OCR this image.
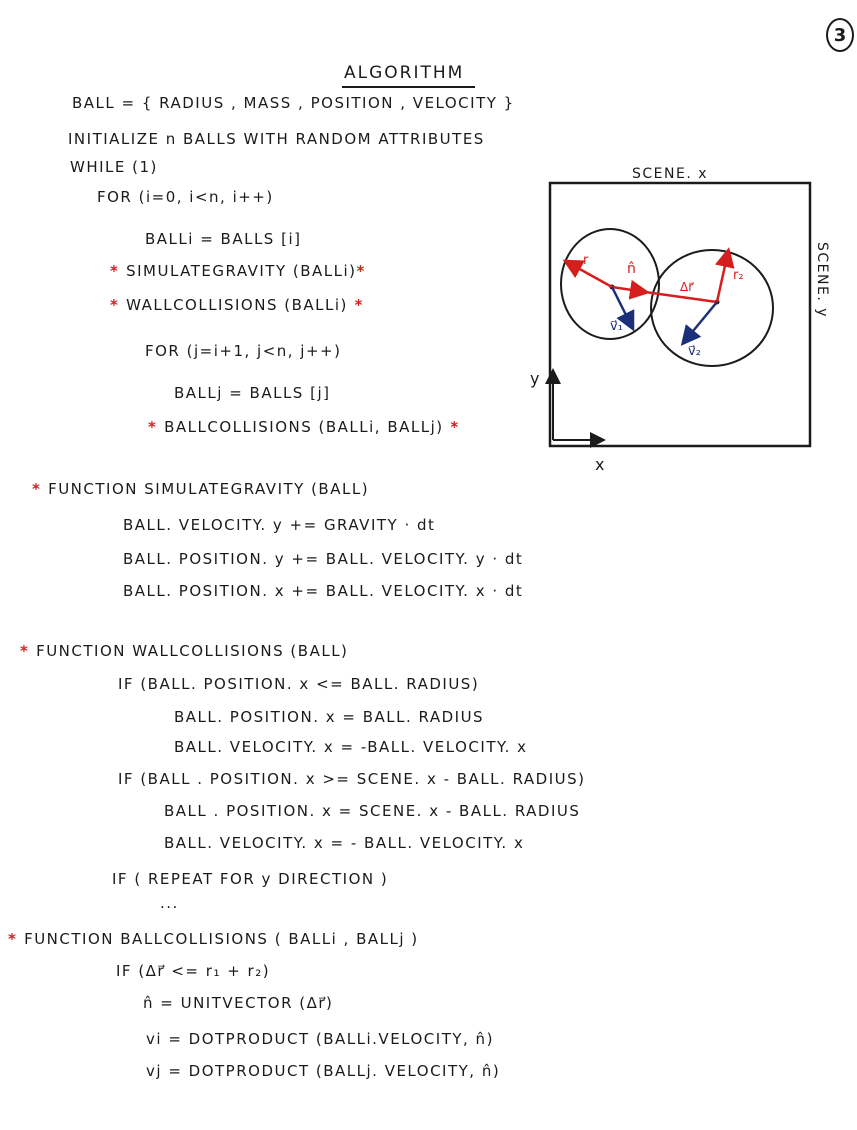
3
ALGORITHM
BALL = { RADIUS , MASS , POSITION , VELOCITY }
INITIALIZE n BALLS WITH RANDOM ATTRIBUTES
WHILE (1)
FOR (i=0, i<n, i++)
BALLi = BALLS [i]
* SIMULATEGRAVITY (BALLi)*
* WALLCOLLISIONS (BALLi) *
FOR (j=i+1, j<n, j++)
BALLj = BALLS [j]
* BALLCOLLISIONS (BALLi, BALLj) *
* FUNCTION SIMULATEGRAVITY (BALL)
BALL. VELOCITY. y += GRAVITY · dt
BALL. POSITION. y += BALL. VELOCITY. y · dt
BALL. POSITION. x += BALL. VELOCITY. x · dt
* FUNCTION WALLCOLLISIONS (BALL)
IF (BALL. POSITION. x <= BALL. RADIUS)
BALL. POSITION. x = BALL. RADIUS
BALL. VELOCITY. x = -BALL. VELOCITY. x
IF (BALL . POSITION. x >= SCENE. x - BALL. RADIUS)
BALL . POSITION. x = SCENE. x - BALL. RADIUS
BALL. VELOCITY. x = - BALL. VELOCITY. x
IF ( REPEAT FOR y DIRECTION )
...
* FUNCTION BALLCOLLISIONS ( BALLi , BALLj )
IF (Δr⃗ <= r₁ + r₂)
n̂ = UNITVECTOR (Δr⃗)
vi = DOTPRODUCT (BALLi.VELOCITY, n̂)
vj = DOTPRODUCT (BALLj. VELOCITY, n̂)
SCENE. x
SCENE. y
y
x
r
n̂
Δr⃗
r₂
v⃗₁
v⃗₂
